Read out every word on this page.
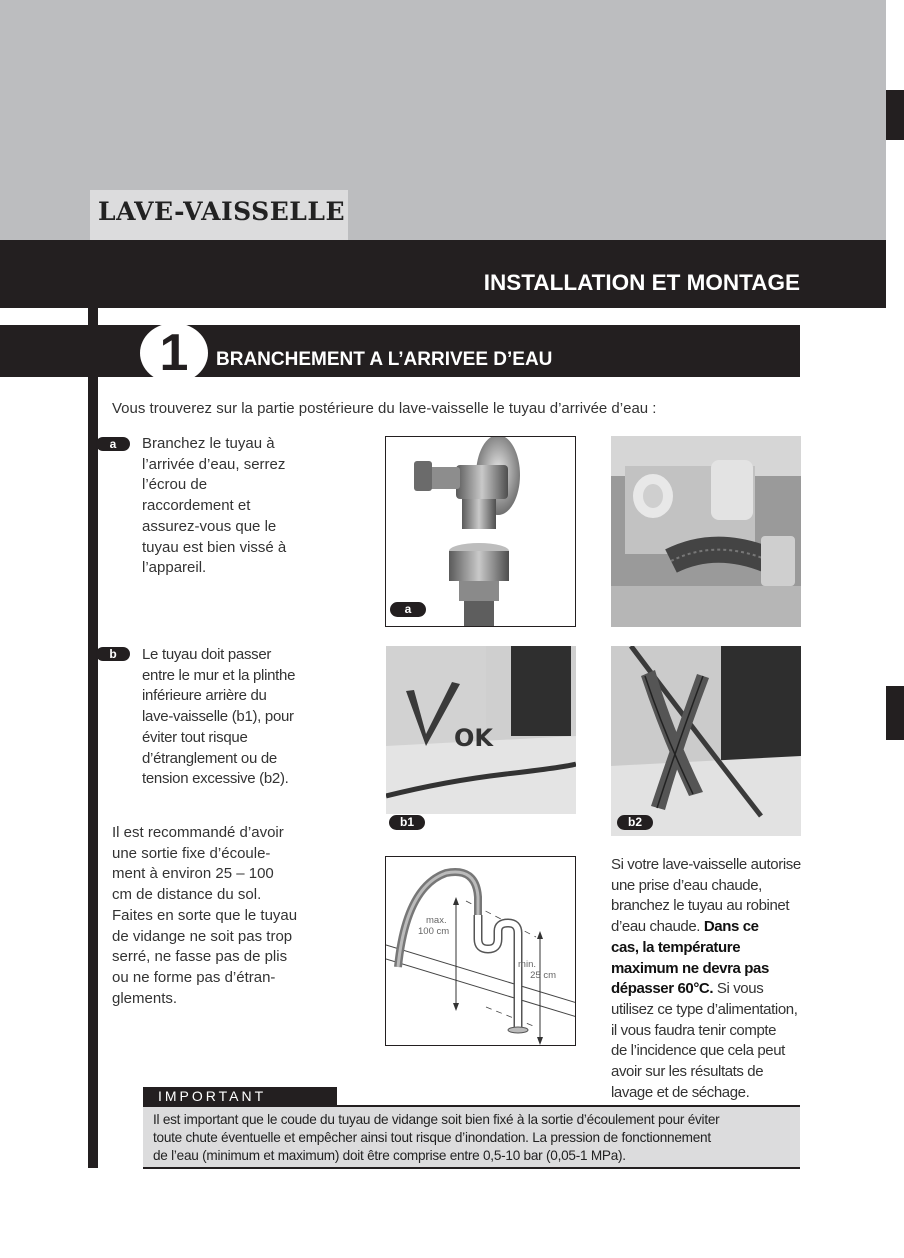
LAVE-VAISSELLE
INSTALLATION ET MONTAGE
1	BRANCHEMENT A L’ARRIVEE D’EAU
Vous trouverez sur la partie postérieure du lave-vaisselle le tuyau d’arrivée d’eau :
a	Branchez le tuyau à
l’arrivée d’eau, serrez
l’écrou de
raccordement et
assurez-vous que le
tuyau est bien vissé à
l’appareil.
b	Le tuyau doit passer
entre le mur et la plinthe
inférieure arrière du
lave-vaisselle (b1), pour
éviter tout risque
d’étranglement ou de
tension excessive (b2).
Il est recommandé d’avoir
une sortie fixe d’écoule-
ment à environ 25 – 100
cm de distance du sol.
Faites en sorte que le tuyau
de vidange ne soit pas trop
serré, ne fasse pas de plis
ou ne forme pas d’étran-
glements.
Si votre lave-vaisselle autorise
une prise d’eau chaude,
branchez le tuyau au robinet
d’eau chaude. Dans ce
cas, la température
maximum ne devra pas
dépasser 60°C. Si vous
utilisez ce type d’alimentation,
il vous faudra tenir compte
de l’incidence que cela peut
avoir sur les résultats de
lavage et de séchage.
a
OK
b1	b2
max.
100 cm
min.
25 cm
IMPORTANT
Il est important que le coude du tuyau de vidange soit bien fixé à la sortie d’écoulement pour éviter
toute chute éventuelle et empêcher ainsi tout risque d’inondation. La pression de fonctionnement
de l’eau (minimum et maximum) doit être comprise entre 0,5-10 bar (0,05-1 MPa).
